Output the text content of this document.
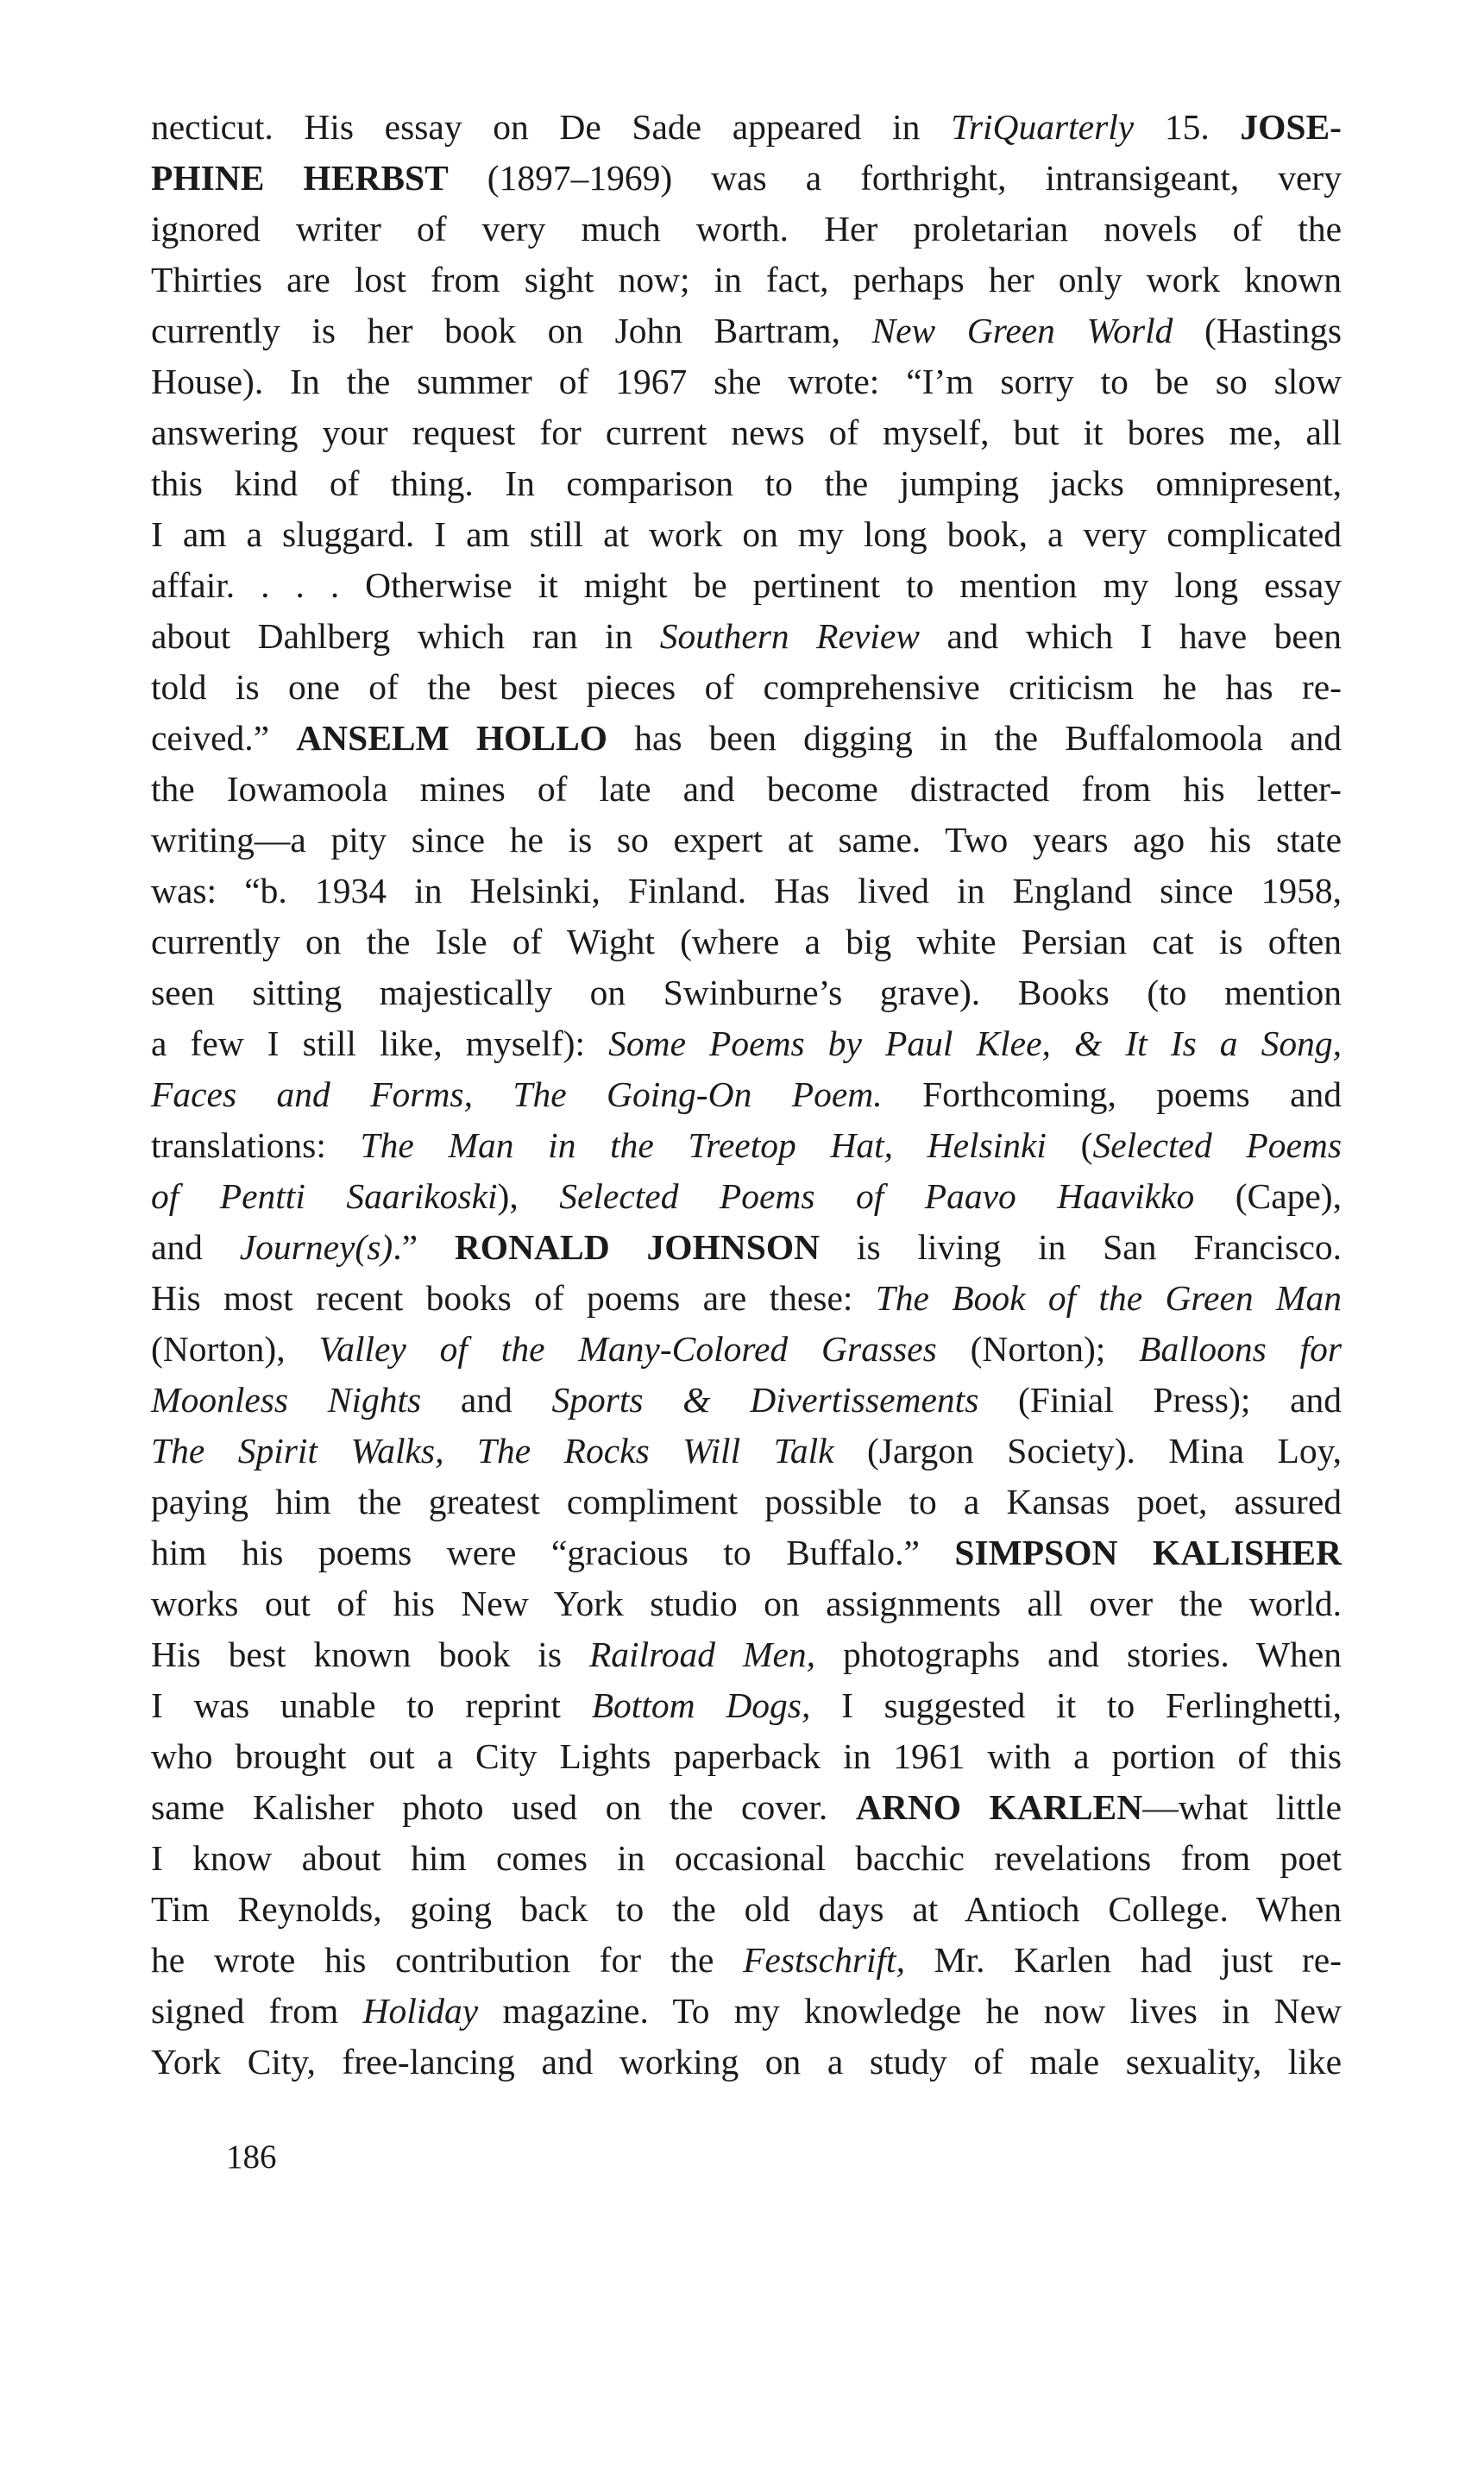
necticut. His essay on De Sade appeared in TriQuarterly 15. JOSE-
PHINE HERBST (1897–1969) was a forthright, intransigeant, very
ignored writer of very much worth. Her proletarian novels of the
Thirties are lost from sight now; in fact, perhaps her only work known
currently is her book on John Bartram, New Green World (Hastings
House). In the summer of 1967 she wrote: “I’m sorry to be so slow
answering your request for current news of myself, but it bores me, all
this kind of thing. In comparison to the jumping jacks omnipresent,
I am a sluggard. I am still at work on my long book, a very complicated
affair. . . . Otherwise it might be pertinent to mention my long essay
about Dahlberg which ran in Southern Review and which I have been
told is one of the best pieces of comprehensive criticism he has re-
ceived.” ANSELM HOLLO has been digging in the Buffalomoola and
the Iowamoola mines of late and become distracted from his letter-
writing—a pity since he is so expert at same. Two years ago his state
was: “b. 1934 in Helsinki, Finland. Has lived in England since 1958,
currently on the Isle of Wight (where a big white Persian cat is often
seen sitting majestically on Swinburne’s grave). Books (to mention
a few I still like, myself): Some Poems by Paul Klee, & It Is a Song,
Faces and Forms, The Going-On Poem. Forthcoming, poems and
translations: The Man in the Treetop Hat, Helsinki (Selected Poems
of Pentti Saarikoski), Selected Poems of Paavo Haavikko (Cape),
and Journey(s).” RONALD JOHNSON is living in San Francisco.
His most recent books of poems are these: The Book of the Green Man
(Norton), Valley of the Many-Colored Grasses (Norton); Balloons for
Moonless Nights and Sports & Divertissements (Finial Press); and
The Spirit Walks, The Rocks Will Talk (Jargon Society). Mina Loy,
paying him the greatest compliment possible to a Kansas poet, assured
him his poems were “gracious to Buffalo.” SIMPSON KALISHER
works out of his New York studio on assignments all over the world.
His best known book is Railroad Men, photographs and stories. When
I was unable to reprint Bottom Dogs, I suggested it to Ferlinghetti,
who brought out a City Lights paperback in 1961 with a portion of this
same Kalisher photo used on the cover. ARNO KARLEN—what little
I know about him comes in occasional bacchic revelations from poet
Tim Reynolds, going back to the old days at Antioch College. When
he wrote his contribution for the Festschrift, Mr. Karlen had just re-
signed from Holiday magazine. To my knowledge he now lives in New
York City, free-lancing and working on a study of male sexuality, like
186
